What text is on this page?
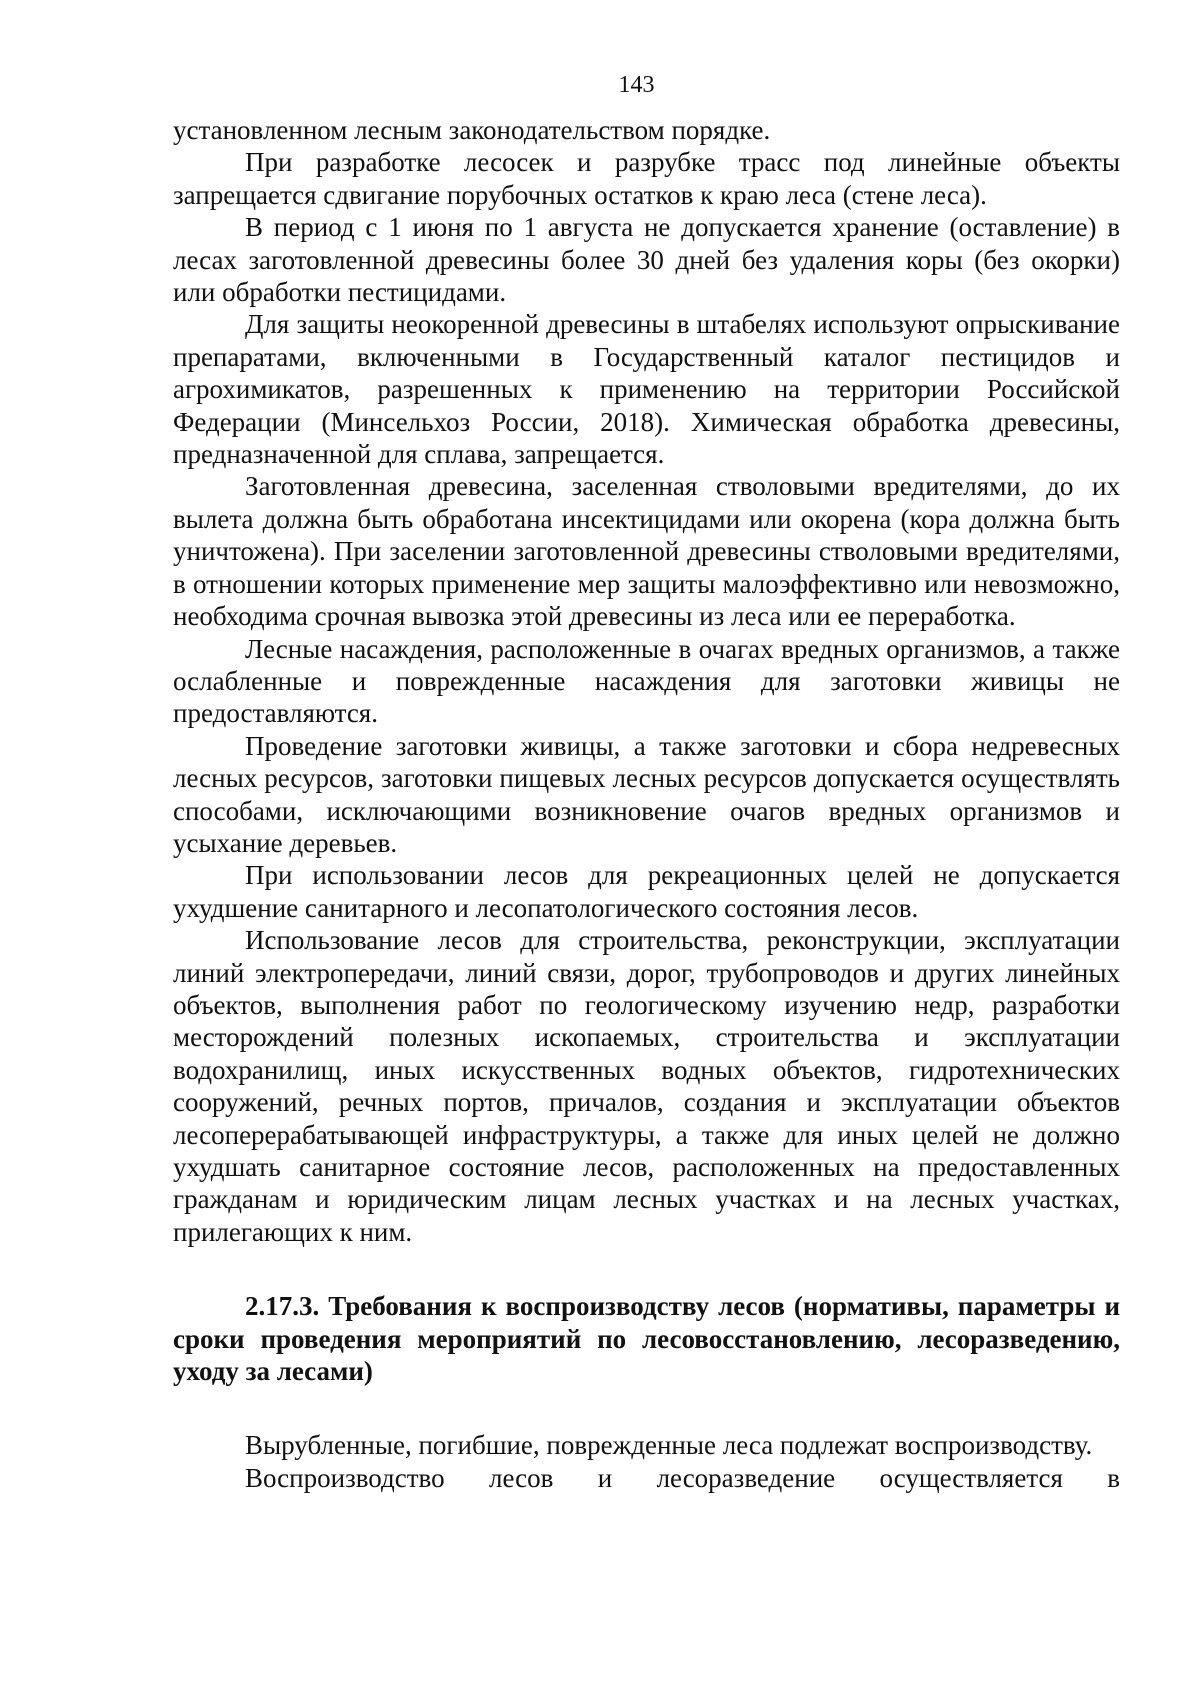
143

установленном лесным законодательством порядке.

При разработке лесосек и разрубке трасс под линейные объекты запрещается сдвигание порубочных остатков к краю леса (стене леса).

В период с 1 июня по 1 августа не допускается хранение (оставление) в лесах заготовленной древесины более 30 дней без удаления коры (без окорки) или обработки пестицидами.

Для защиты неокоренной древесины в штабелях используют опрыскивание препаратами, включенными в Государственный каталог пестицидов и агрохимикатов, разрешенных к применению на территории Российской Федерации (Минсельхоз России, 2018). Химическая обработка древесины, предназначенной для сплава, запрещается.

Заготовленная древесина, заселенная стволовыми вредителями, до их вылета должна быть обработана инсектицидами или окорена (кора должна быть уничтожена). При заселении заготовленной древесины стволовыми вредителями, в отношении которых применение мер защиты малоэффективно или невозможно, необходима срочная вывозка этой древесины из леса или ее переработка.

Лесные насаждения, расположенные в очагах вредных организмов, а также ослабленные и поврежденные насаждения для заготовки живицы не предоставляются.

Проведение заготовки живицы, а также заготовки и сбора недревесных лесных ресурсов, заготовки пищевых лесных ресурсов допускается осуществлять способами, исключающими возникновение очагов вредных организмов и усыхание деревьев.

При использовании лесов для рекреационных целей не допускается ухудшение санитарного и лесопатологического состояния лесов.

Использование лесов для строительства, реконструкции, эксплуатации линий электропередачи, линий связи, дорог, трубопроводов и других линейных объектов, выполнения работ по геологическому изучению недр, разработки месторождений полезных ископаемых, строительства и эксплуатации водохранилищ, иных искусственных водных объектов, гидротехнических сооружений, речных портов, причалов, создания и эксплуатации объектов лесоперерабатывающей инфраструктуры, а также для иных целей не должно ухудшать санитарное состояние лесов, расположенных на предоставленных гражданам и юридическим лицам лесных участках и на лесных участках, прилегающих к ним.

2.17.3. Требования к воспроизводству лесов (нормативы, параметры и сроки проведения мероприятий по лесовосстановлению, лесоразведению, уходу за лесами)

Вырубленные, погибшие, поврежденные леса подлежат воспроизводству.

Воспроизводство лесов и лесоразведение осуществляется в
